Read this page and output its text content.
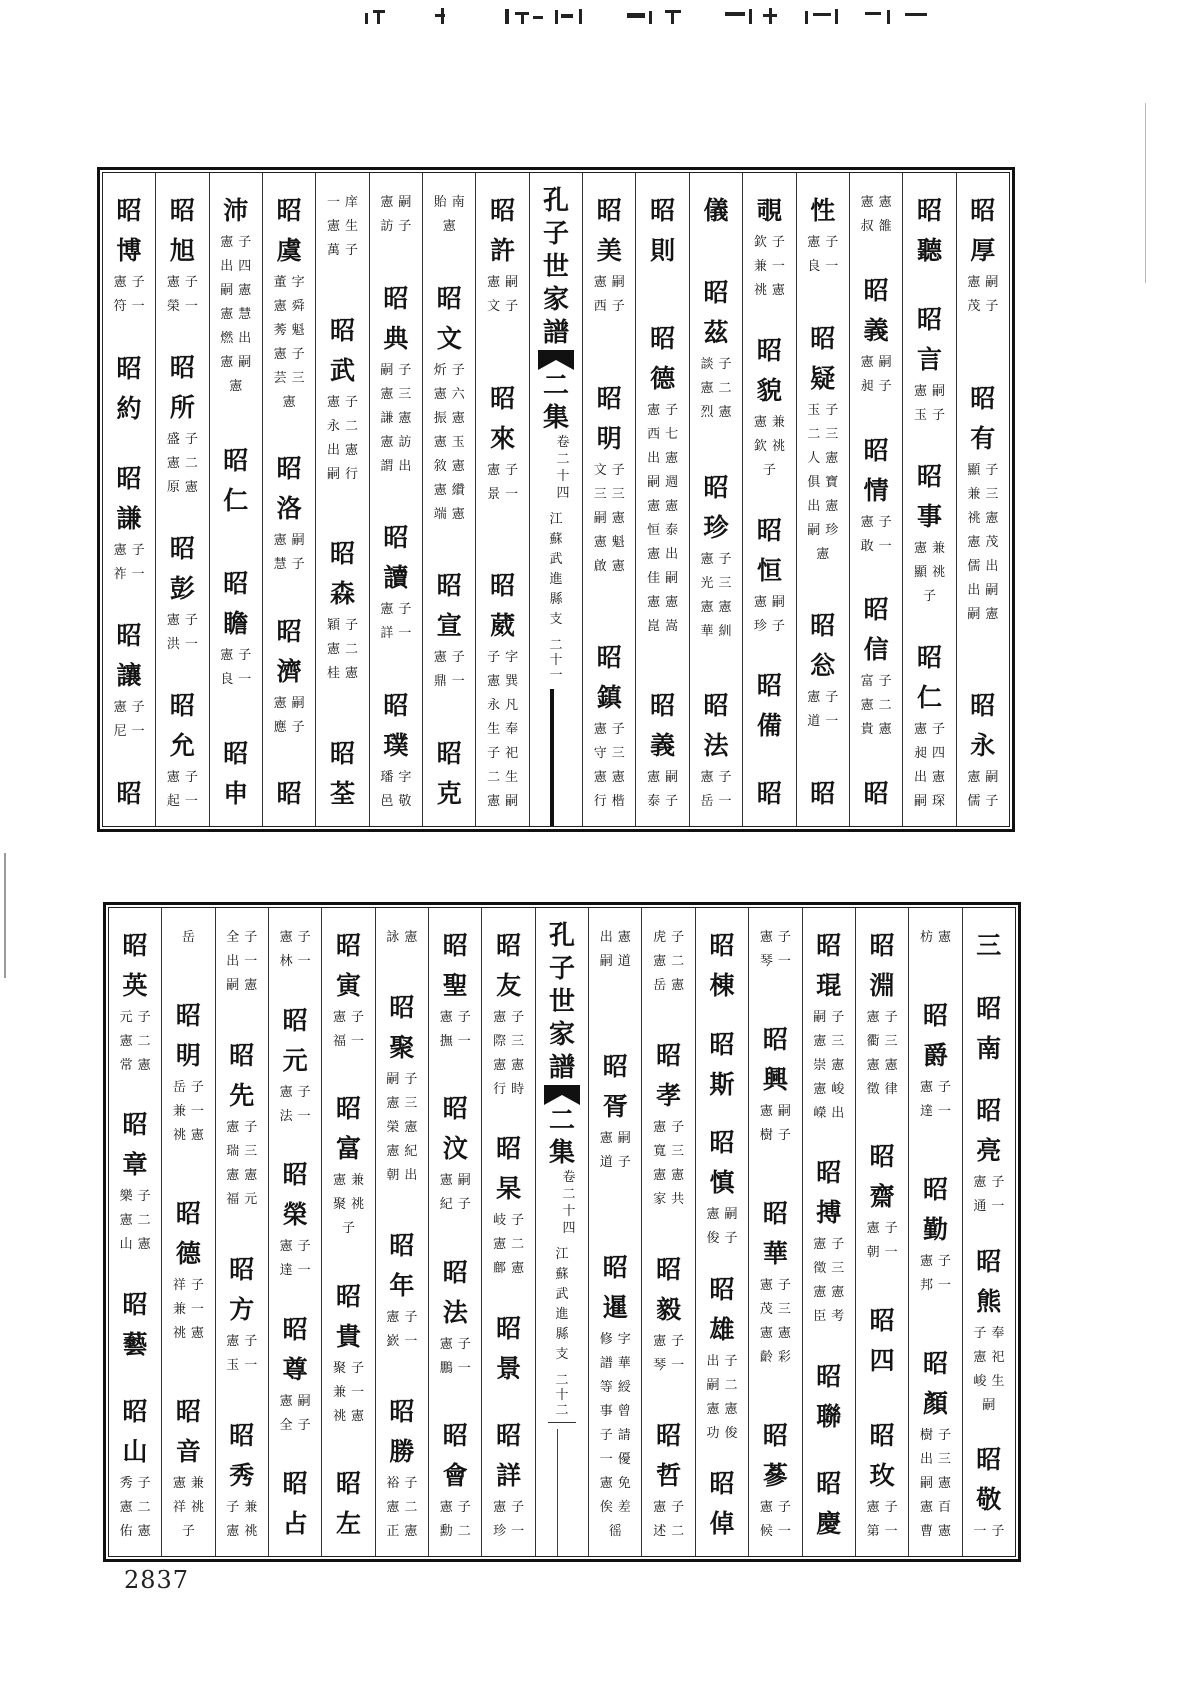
昭厚
憲嗣
茂子
昭有
顯子
兼三
祧憲
憲茂
儒出
出嗣
嗣憲
昭永
憲嗣
儒子
昭聽
昭言
憲嗣
玉子
昭事
憲兼
顯祧
子
昭仁
憲子
昶四
出憲
嗣琛
憲憲
叔雒
昭義
憲嗣
昶子
昭情
憲子
敢一
昭信
富子
憲二
貴憲
昭
性
憲子
良一
昭疑
玉子
二三
人憲
俱寶
出憲
嗣珍
憲
昭忩
憲子
道一
昭
覗
欽子
兼一
祧憲
昭貌
憲兼
欽祧
子
昭恒
憲嗣
珍子
昭備
昭
儀
昭茲
談子
憲二
烈憲
昭珍
憲子
光三
憲憲
華紃
昭法
憲子
岳一
昭則
昭德
憲子
西七
出憲
嗣週
憲憲
恒泰
憲出
佳嗣
憲憲
崑嵩
昭義
憲嗣
泰子
昭美
憲嗣
西子
昭明
文子
三三
嗣憲
憲魁
啟憲
昭鎮
憲子
守三
憲憲
行楷
孔子世家譜
二集
卷二十四
江蘇武進縣支
二十一
昭許
憲嗣
文子
昭來
憲子
景一
昭葳
子字
憲巽
永凡
生奉
子祀
二生
憲嗣
貽南
憲
昭文
炘子
憲六
振憲
憲玉
敘憲
憲纘
端憲
昭宣
憲子
鼎一
昭克
憲嗣
訪子
昭典
嗣子
憲三
謙憲
憲訪
謂出
昭讀
憲子
詳一
昭璞
璠字
邑敬
一庠
憲生
萬子
昭武
憲子
永二
出憲
嗣行
昭森
穎子
憲二
桂憲
昭荃
昭虞
董字
憲舜
莠魁
憲子
芸三
憲
昭洛
憲嗣
慧子
昭濟
憲嗣
應子
昭
沛
憲子
出四
嗣憲
憲慧
燃出
憲嗣
憲
昭仁
昭瞻
憲子
良一
昭申
昭旭
憲子
榮一
昭所
盛子
憲二
原憲
昭彭
憲子
洪一
昭允
憲子
起一
昭博
憲子
符一
昭約
昭謙
憲子
祚一
昭讓
憲子
尼一
昭
三
昭南
昭亮
憲子
通一
昭熊
子奉
憲祀
峻生
嗣
昭敬
一子
枋憲
昭爵
憲子
達一
昭勤
憲子
邦一
昭顏
樹子
出三
嗣憲
憲百
曹憲
昭淵
憲子
衢三
憲憲
徵律
昭齋
憲子
朝一
昭四
昭玫
憲子
第一
昭琨
嗣子
憲三
崇憲
憲峻
嶸出
昭搏
憲子
徵三
憲憲
臣考
昭聯
昭慶
憲子
琴一
昭興
憲嗣
樹子
昭華
憲子
茂三
憲憲
齡彩
昭蔘
憲子
候一
昭棟
昭斯
昭慎
憲嗣
俊子
昭雄
出子
嗣二
憲憲
功俊
昭倬
虎子
憲二
岳憲
昭孝
憲子
寬三
憲憲
家共
昭毅
憲子
琴一
昭哲
憲子
述二
出憲
嗣道
昭胥
憲嗣
道子
昭暹
修字
譜華
等綬
事曾
子請
一優
憲免
俟差
徭
孔子世家譜
二集
卷二十四
江蘇武進縣支
二十二
昭友
憲子
際三
憲憲
行時
昭杲
岐子
憲二
鄜憲
昭景
昭詳
憲子
珍一
昭聖
憲子
撫一
昭汶
憲嗣
紀子
昭法
憲子
鵬一
昭會
憲子
勳二
詠憲
昭聚
嗣子
憲三
榮憲
憲紀
朝出
昭年
憲子
嶔一
昭勝
裕子
憲二
正憲
昭寅
憲子
福一
昭富
憲兼
聚祧
子
昭貴
聚子
兼一
祧憲
昭左
憲子
林一
昭元
憲子
法一
昭榮
憲子
達一
昭尊
憲嗣
全子
昭占
全子
出一
嗣憲
昭先
憲子
瑞三
憲憲
福元
昭方
憲子
玉一
昭秀
子兼
憲祧
岳
昭明
岳子
兼一
祧憲
昭德
祥子
兼一
祧憲
昭音
憲兼
祥祧
子
昭英
元子
憲二
常憲
昭章
樂子
憲二
山憲
昭藝
昭山
秀子
憲二
佑憲
2837
